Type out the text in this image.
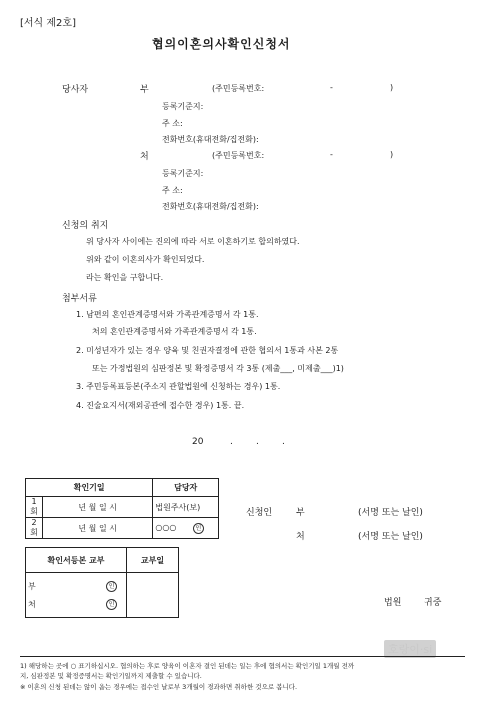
[서식 제2호]
협의이혼의사확인신청서
당사자	부	(주민등록번호:	-	)
등록기준지:
주 소:
전화번호(휴대전화/집전화):
처	(주민등록번호:	-	)
등록기준지:
주 소:
전화번호(휴대전화/집전화):
신청의 취지
위 당사자 사이에는 진의에 따라 서로 이혼하기로 합의하였다.
위와 같이 이혼의사가 확인되었다.
라는 확인을 구합니다.
첨부서류
1. 남편의 혼인관계증명서와 가족관계증명서 각 1통.
처의 혼인관계증명서와 가족관계증명서 각 1통.
2. 미성년자가 있는 경우 양육 및 친권자결정에 관한 협의서 1통과 사본 2통
또는 가정법원의 심판정본 및 확정증명서 각 3통 (제출___, 미제출___)1)
3. 주민등록표등본(주소지 관할법원에 신청하는 경우) 1통.
4. 진술요지서(재외공관에 접수한 경우) 1통. 끝.
20	.	.	.
확인기일		담당자
1회	년 월 일 시	법원주사(보)
2회	년 월 일 시	○○○ 인
확인서등본 교부	교부일

부 인
처 인	

신청인	부	(서명 또는 날인)
처	(서명 또는 날인)
법원	귀중
호랑이·si
1) 해당하는 곳에 ○ 표기하십시오. 협의하는 후로 양육이 이혼자 결인 된데는 일는 후에 협의서는 확인기일 1개월 전까
지, 심판정본 및 확정증명서는 확인기일까지 제출할 수 있습니다.
※ 이혼의 신청 된데는 않이 옵는 경우에는 접수인 날로부 3개월이 경과하면 취하한 것으로 봅니다.
